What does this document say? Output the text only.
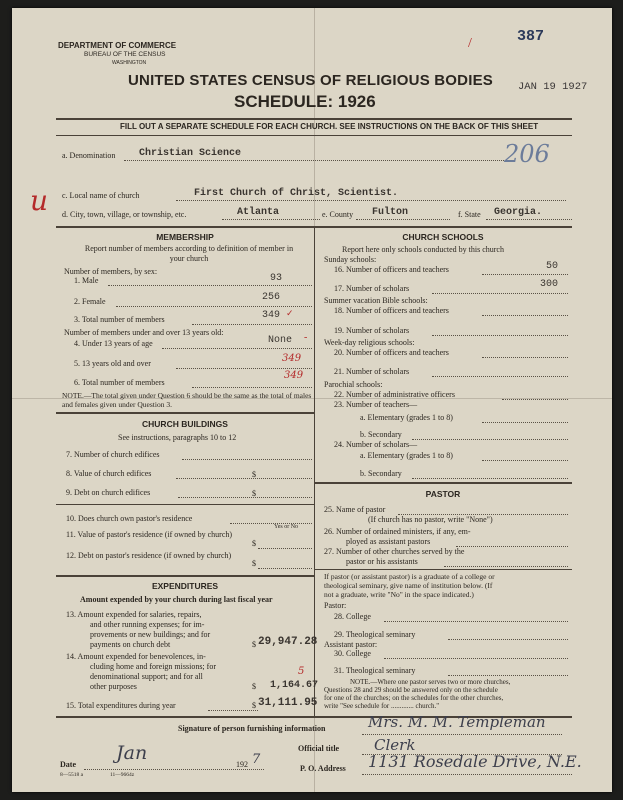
DEPARTMENT OF COMMERCE
BUREAU OF THE CENSUS
WASHINGTON
UNITED STATES CENSUS OF RELIGIOUS BODIES
SCHEDULE: 1926
387
JAN 19 1927
206
/
FILL OUT A SEPARATE SCHEDULE FOR EACH CHURCH. SEE INSTRUCTIONS ON THE BACK OF THIS SHEET
a. Denomination Christian Science
u c. Local name of church	First Church of Christ, Scientist.
d. City, town, village, or township, etc.	Atlanta	e. County Fulton	f. State Georgia.
MEMBERSHIP
Report number of members according to definition of member in your church
Number of members, by sex:
1. Male	93
2. Female	256
3. Total number of members	349 ✓
Number of members under and over 13 years old:
4. Under 13 years of age	None -
5. 13 years old and over	349
6. Total number of members
349
NOTE.—The total given under Question 6 should be the same as the total of males and females given under Question 3.
CHURCH BUILDINGS
See instructions, paragraphs 10 to 12
7. Number of church edifices
8. Value of church edifices	$
9. Debt on church edifices	$
10. Does church own pastor's residence
Yes or No
11. Value of pastor's residence (if owned by church)
$
12. Debt on pastor's residence (if owned by church)
$
EXPENDITURES
Amount expended by your church during last fiscal year
13. Amount expended for salaries, repairs,
and other running expenses; for im-
provements or new buildings; and for
payments on church debt	$ 29,947.28
14. Amount expended for benevolences, in-
cluding home and foreign missions; for
denominational support; and for all
other purposes	$ 1,164.67
5
15. Total expenditures during year	$ 31,111.95
CHURCH SCHOOLS
Report here only schools conducted by this church
Sunday schools:
16. Number of officers and teachers	50
17. Number of scholars	300
Summer vacation Bible schools:
18. Number of officers and teachers
19. Number of scholars
Week-day religious schools:
20. Number of officers and teachers
21. Number of scholars
Parochial schools:
22. Number of administrative officers
23. Number of teachers—
a. Elementary (grades 1 to 8)
b. Secondary
24. Number of scholars—
a. Elementary (grades 1 to 8)
b. Secondary
PASTOR
25. Name of pastor
(If church has no pastor, write "None")
26. Number of ordained ministers, if any, em-
ployed as assistant pastors
27. Number of other churches served by the
pastor or his assistants
If pastor (or assistant pastor) is a graduate of a college or
theological seminary, give name of institution below. (If
not a graduate, write "No" in the space indicated.)
Pastor:
28. College
29. Theological seminary
Assistant pastor:
30. College
31. Theological seminary
NOTE.—Where one pastor serves two or more churches,
Questions 28 and 29 should be answered only on the schedule
for one of the churches; on the schedules for the other churches,
write "See schedule for ............. church."
Signature of person furnishing information	Mrs. M. M. Templeman
Official title Clerk
Date
Jan
192 7
P. O. Address 1131 Rosedale Drive, N.E.
8—5518 a	11—9664z
